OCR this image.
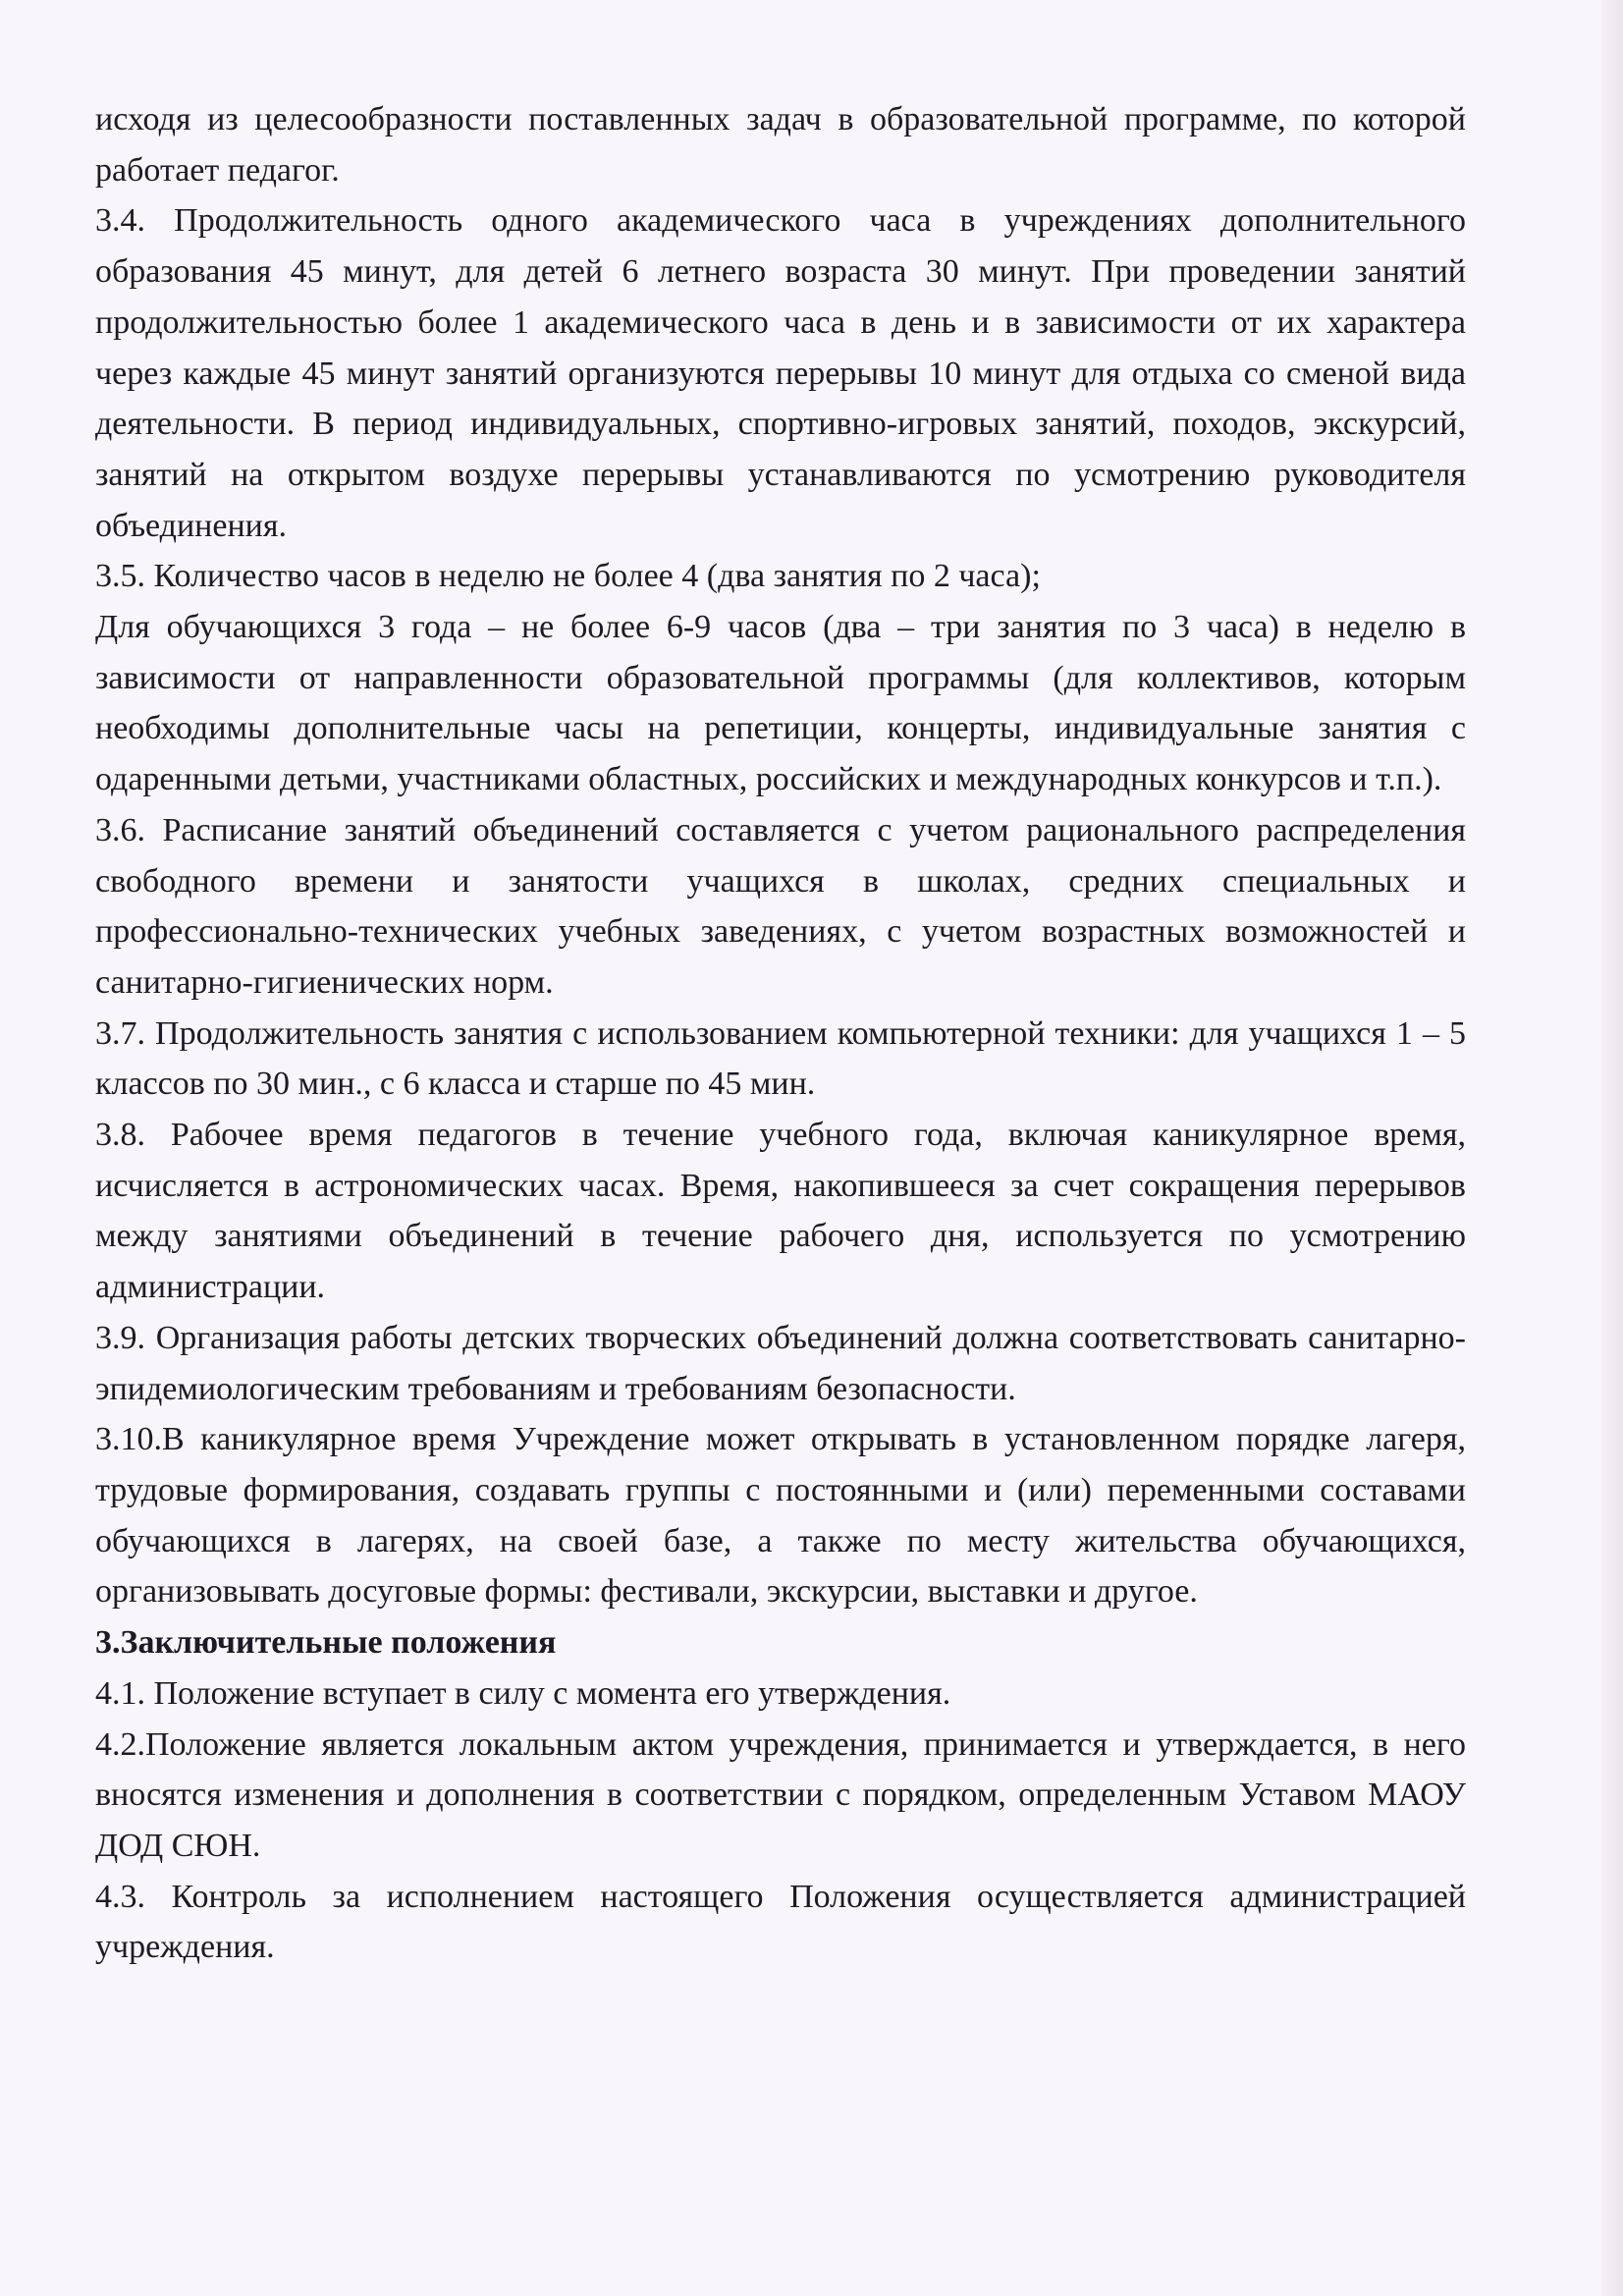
исходя из целесообразности поставленных задач в образовательной программе, по которой работает педагог.

3.4. Продолжительность одного академического часа в учреждениях дополнительного образования 45 минут, для детей 6 летнего возраста 30 минут. При проведении занятий продолжительностью более 1 академического часа в день и в зависимости от их характера через каждые 45 минут занятий организуются перерывы 10 минут для отдыха со сменой вида деятельности. В период индивидуальных, спортивно-игровых занятий, походов, экскурсий, занятий на открытом воздухе перерывы устанавливаются по усмотрению руководителя объединения.

3.5. Количество часов в неделю не более 4 (два занятия по 2 часа);

Для обучающихся 3 года – не более 6-9 часов (два – три занятия по 3 часа) в неделю в зависимости от направленности образовательной программы (для коллективов, которым необходимы дополнительные часы на репетиции, концерты, индивидуальные занятия с одаренными детьми, участниками областных, российских и международных конкурсов и т.п.).

3.6. Расписание занятий объединений составляется с учетом рационального распределения свободного времени и занятости учащихся в школах, средних специальных и профессионально-технических учебных заведениях, с учетом возрастных возможностей и санитарно-гигиенических норм.

3.7. Продолжительность занятия с использованием компьютерной техники: для учащихся 1 – 5 классов по 30 мин., с 6 класса и старше по 45 мин.

3.8. Рабочее время педагогов в течение учебного года, включая каникулярное время, исчисляется в астрономических часах. Время, накопившееся за счет сокращения перерывов между занятиями объединений в течение рабочего дня, используется по усмотрению администрации.

3.9. Организация работы детских творческих объединений должна соответствовать санитарно-эпидемиологическим требованиям и требованиям безопасности.

3.10.В каникулярное время Учреждение может открывать в установленном порядке лагеря, трудовые формирования, создавать группы с постоянными и (или) переменными составами обучающихся в лагерях, на своей базе, а также по месту жительства обучающихся, организовывать досуговые формы: фестивали, экскурсии, выставки и другое.

3.Заключительные положения

4.1. Положение вступает в силу с момента его утверждения.

4.2.Положение является локальным актом учреждения, принимается и утверждается, в него вносятся изменения и дополнения в соответствии с порядком, определенным Уставом МАОУ ДОД СЮН.

4.3. Контроль за исполнением настоящего Положения осуществляется администрацией учреждения.
